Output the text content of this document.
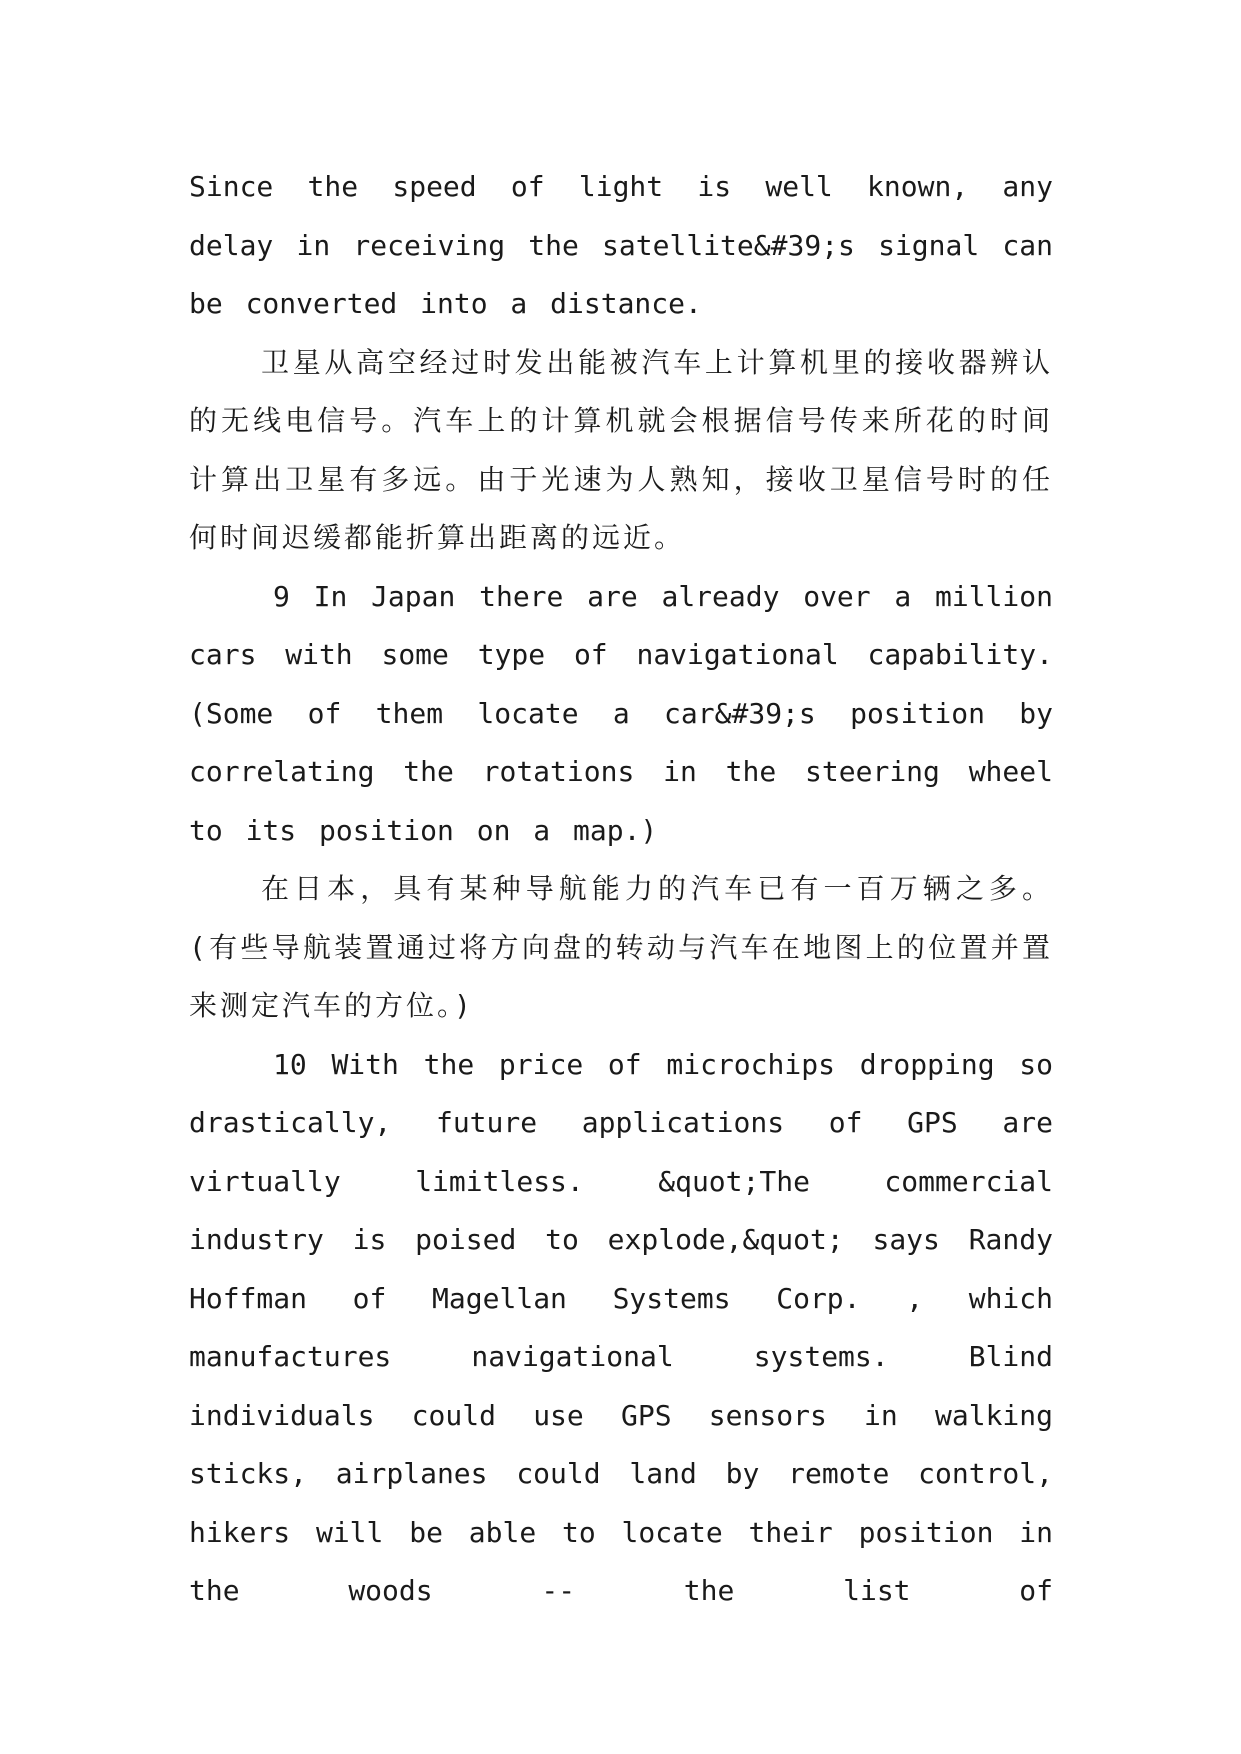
Since the speed of light is well known, any delay in receiving the satellite&#39;s signal can be converted into a distance.

卫星从高空经过时发出能被汽车上计算机里的接收器辨认的无线电信号。汽车上的计算机就会根据信号传来所花的时间计算出卫星有多远。由于光速为人熟知，接收卫星信号时的任何时间迟缓都能折算出距离的远近。

9 In Japan there are already over a million cars with some type of navigational capability. (Some of them locate a car&#39;s position by correlating the rotations in the steering wheel to its position on a map.)

在日本，具有某种导航能力的汽车已有一百万辆之多。(有些导航装置通过将方向盘的转动与汽车在地图上的位置并置来测定汽车的方位。)

10 With the price of microchips dropping so drastically, future applications of GPS are virtually limitless. &quot;The commercial industry is poised to explode,&quot; says Randy Hoffman of Magellan Systems Corp. , which manufactures navigational systems. Blind individuals could use GPS sensors in walking sticks, airplanes could land by remote control, hikers will be able to locate their position in the woods -- the list of
